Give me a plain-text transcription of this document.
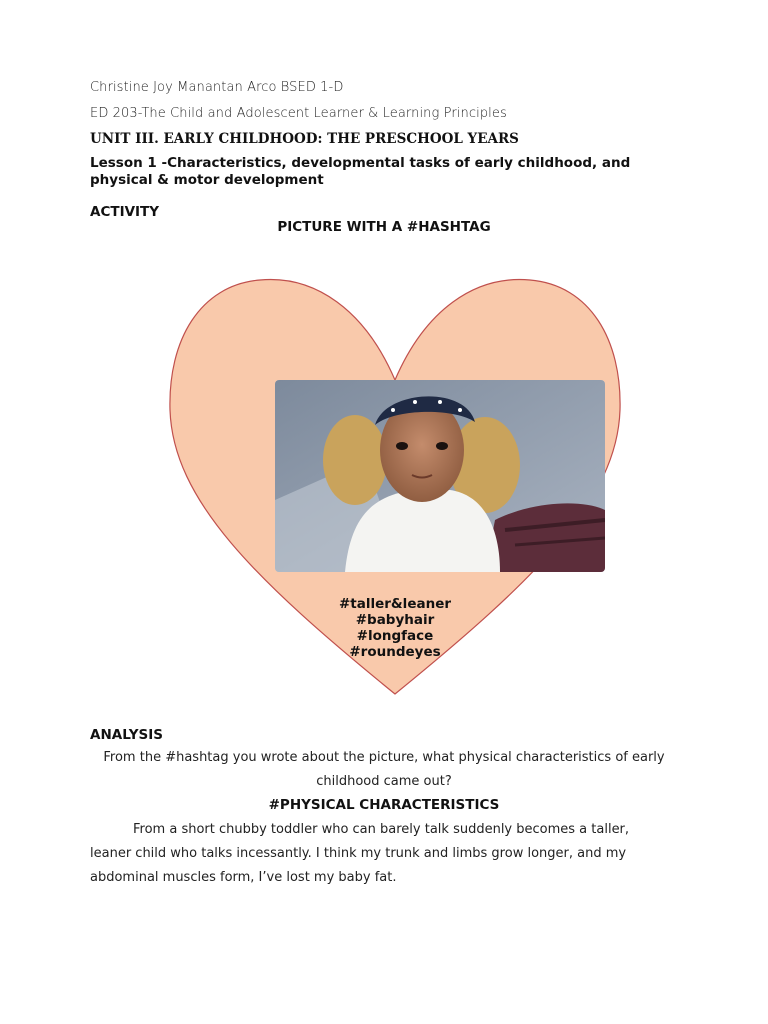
Christine Joy Manantan Arco BSED 1-D
ED 203-The Child and Adolescent Learner & Learning Principles
UNIT III. EARLY CHILDHOOD: THE PRESCHOOL YEARS
Lesson 1 -Characteristics, developmental tasks of early childhood, and physical & motor development
ACTIVITY
PICTURE WITH A #HASHTAG
#taller&leaner
#babyhair
#longface
#roundeyes
ANALYSIS
From the #hashtag you wrote about the picture, what physical characteristics of early
childhood came out?
#PHYSICAL CHARACTERISTICS
From a short chubby toddler who can barely talk suddenly becomes a taller,
leaner child who talks incessantly. I think my trunk and limbs grow longer, and my
abdominal muscles form, I’ve lost my baby fat.
